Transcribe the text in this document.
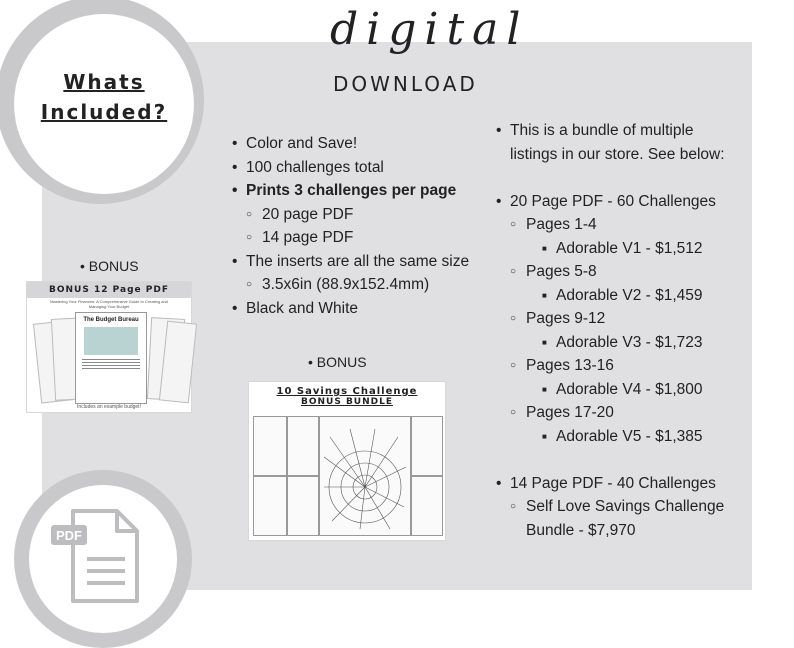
Whats
Included?
digital
DOWNLOAD
• Color and Save!
• 100 challenges total
• Prints 3 challenges per page
○ 20 page PDF
○ 14 page PDF
• The inserts are all the same size
○ 3.5x6in (88.9x152.4mm)
• Black and White
• This is a bundle of multiple
listings in our store. See below:
• 20 Page PDF - 60 Challenges
○ Pages 1-4
■ Adorable V1 - $1,512
○ Pages 5-8
■ Adorable V2 - $1,459
○ Pages 9-12
■ Adorable V3 - $1,723
○ Pages 13-16
■ Adorable V4 - $1,800
○ Pages 17-20
■ Adorable V5 - $1,385
• 14 Page PDF - 40 Challenges
○ Self Love Savings Challenge
Bundle - $7,970
• BONUS
BONUS 12 Page PDF
Mastering Your Finances: A Comprehensive Guide to Creating and Managing Your Budget
The Budget Bureau
Includes an example budget!
• BONUS
10 Savings Challenge
BONUS BUNDLE
PDF
